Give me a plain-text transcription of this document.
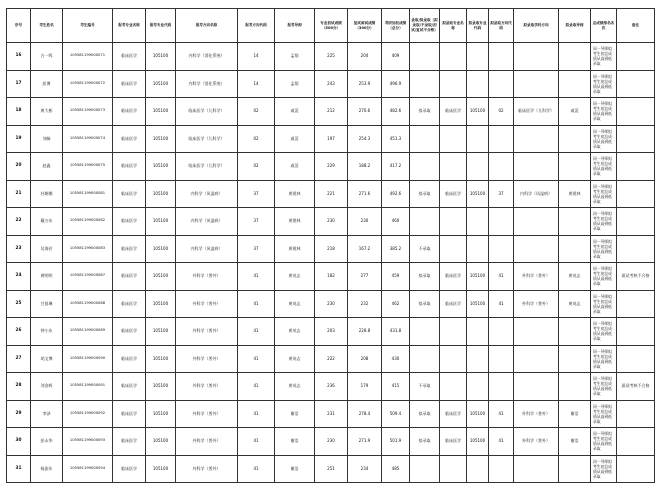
序号	考生姓名	考生编号	报考专业名称	报考专业代码	报考方向名称	报考方向代码	报考导师	专业初试成绩（500分）	复试面试成绩（300分）	考研加权成绩（总分）	录取/拟录取（拟录取/不录取/初试/复试不合格）	拟录取专业名称	拟录取专业代码	拟录取方向代码	拟录取学科方向	拟录取导师	总成绩排名名次	备注
16	古一鸣	105581199000071	临床医学	105100	内科学（消化系统）	14	孟翔	225	204	409							同一导师拟考生初总成绩从高到低录取	
17	彭博	105581199000072	临床医学	105100	内科学（消化系统）	14	孟翔	243	253.9	496.9							同一导师拟考生初总成绩从高到低录取	
18	黄大彬	105581199000073	临床医学	105100	临床医学（儿科学）	02	戚荛	212	270.6	482.6	拟录取	临床医学	105100	02	临床医学（儿科学）	戚荛	同一导师拟考生初总成绩从高到低录取	
19	刘畅	105581199000074	临床医学	105100	临床医学（儿科学）	02	戚荛	197	254.3	451.3							同一导师拟考生初总成绩从高到低录取	
20	赵鑫	105581199000075	临床医学	105100	临床医学（儿科学）	02	戚荛	229	188.2	417.2							同一导师拟考生初总成绩从高到低录取	
21	杜婀娜	105581199000081	临床医学	105100	内科学（风湿病）	37	黄建林	221	271.6	492.6	拟录取	临床医学	105100	37	内科学（风湿病）	黄建林	同一导师拟考生初总成绩从高到低录取	
22	戴万东	105581199000082	临床医学	105100	内科学（风湿病）	37	黄建林	230	230	460							同一导师拟考生初总成绩从高到低录取	
23	吴海若	105581199000083	临床医学	105100	内科学（风湿病）	37	黄建林	218	167.2	385.2	不录取						同一导师拟考生初总成绩从高到低录取	
24	黄明明	105581199000087	临床医学	105100	外科学（普外）	41	黄英志	182	277	459	拟录取	临床医学	105100	41	外科学（普外）	黄英志	同一导师拟考生初总成绩从高到低录取	面试考核不合格
25	甘贤琳	105581199000088	临床医学	105100	外科学（普外）	41	黄英志	230	232	462	拟录取	临床医学	105100	41	外科学（普外）	黄英志	同一导师拟考生初总成绩从高到低录取	
26	钟小东	105581199000089	临床医学	105100	外科学（普外）	41	黄英志	203	228.8	431.8							同一导师拟考生初总成绩从高到低录取	
27	胡文博	105581199000090	临床医学	105100	外科学（普外）	41	黄英志	222	208	430							同一导师拟考生初总成绩从高到低录取	
28	刘金辉	105581199000091	临床医学	105100	外科学（普外）	41	黄英志	236	179	415	不录取						同一导师拟考生初总成绩从高到低录取	面试考核不合格
29	李泽	105581199000092	临床医学	105100	外科学（普外）	41	谢浩	231	278.4	509.4	拟录取	临床医学	105100	41	外科学（普外）	谢浩	同一导师拟考生初总成绩从高到低录取	
30	彭永华	105581199000093	临床医学	105100	外科学（普外）	41	谢浩	230	271.9	501.9	拟录取	临床医学	105100	41	外科学（普外）	谢浩	同一导师拟考生初总成绩从高到低录取	
31	杨流年	105581199000094	临床医学	105100	外科学（普外）	41	谢浩	251	234	485							同一导师拟考生初总成绩从高到低录取	
